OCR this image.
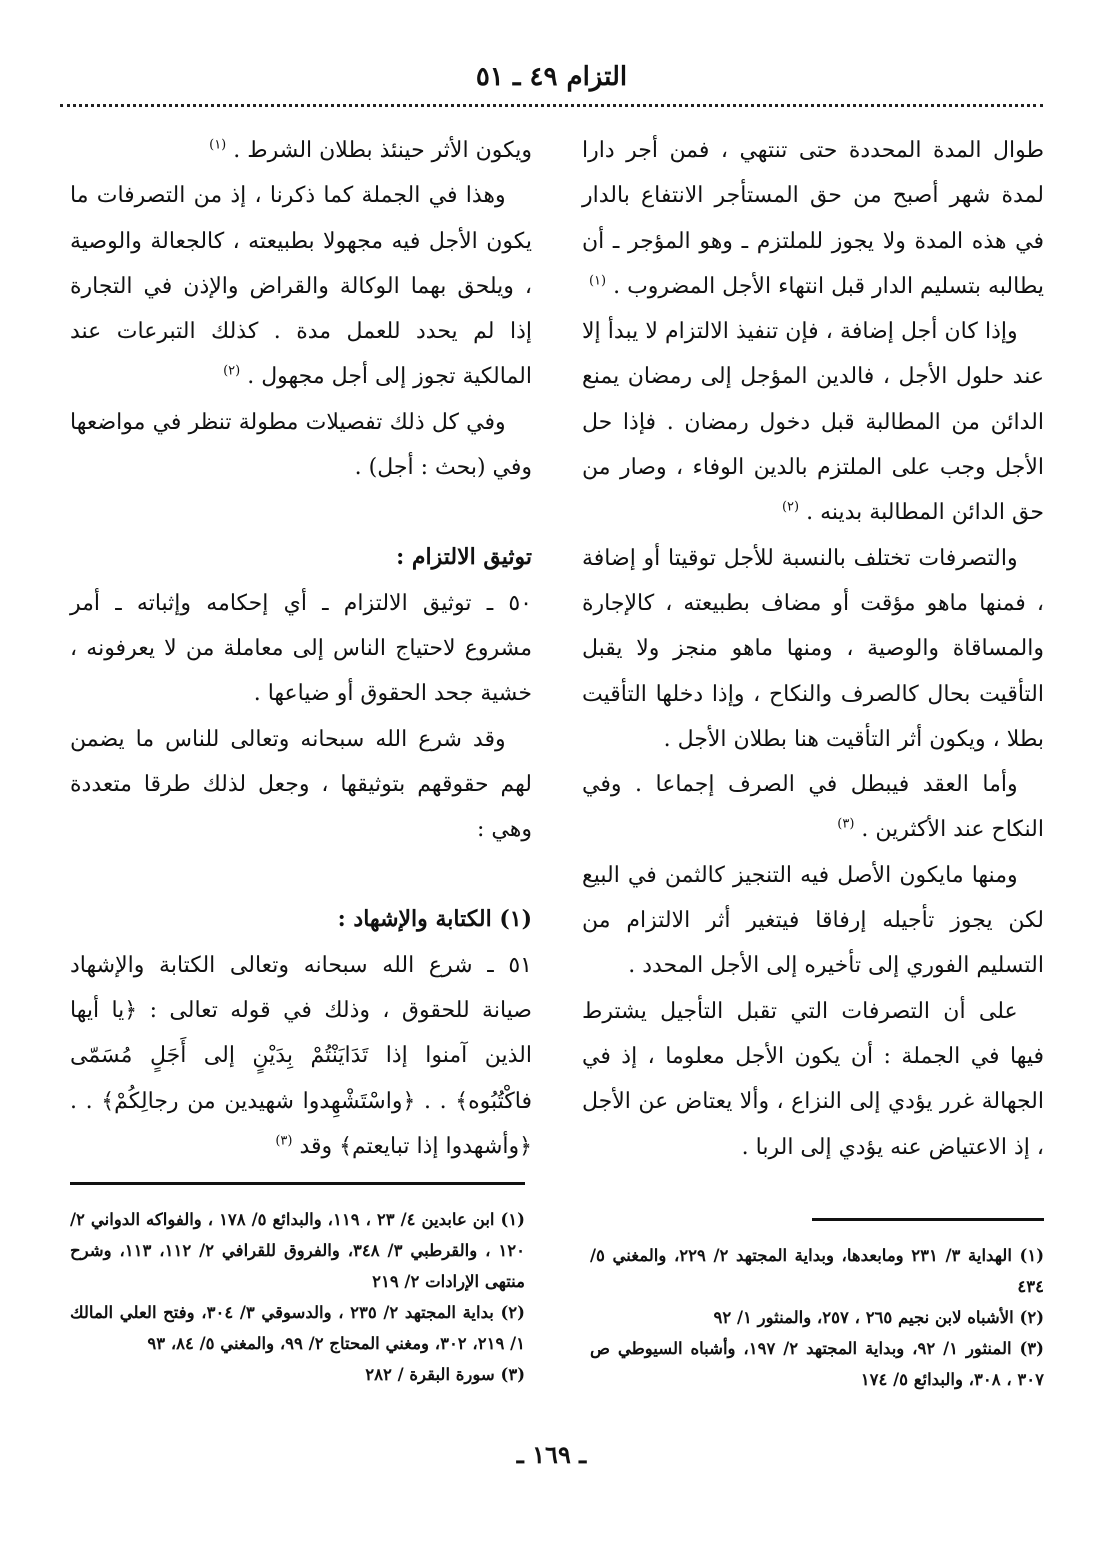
التزام ٤٩ ـ ٥١

طوال المدة المحددة حتى تنتهي ، فمن أجر دارا لمدة شهر أصبح من حق المستأجر الانتفاع بالدار في هذه المدة ولا يجوز للملتزم ـ وهو المؤجر ـ أن يطالبه بتسليم الدار قبل انتهاء الأجل المضروب . $^{(١)}$

وإذا كان أجل إضافة ، فإن تنفيذ الالتزام لا يبدأ إلا عند حلول الأجل ، فالدين المؤجل إلى رمضان يمنع الدائن من المطالبة قبل دخول رمضان . فإذا حل الأجل وجب على الملتزم بالدين الوفاء ، وصار من حق الدائن المطالبة بدينه . $^{(٢)}$

والتصرفات تختلف بالنسبة للأجل توقيتا أو إضافة ، فمنها ماهو مؤقت أو مضاف بطبيعته ، كالإجارة والمساقاة والوصية ، ومنها ماهو منجز ولا يقبل التأقيت بحال كالصرف والنكاح ، وإذا دخلها التأقيت بطلا ، ويكون أثر التأقيت هنا بطلان الأجل .

وأما العقد فيبطل في الصرف إجماعا . وفي النكاح عند الأكثرين . $^{(٣)}$

ومنها مايكون الأصل فيه التنجيز كالثمن في البيع لكن يجوز تأجيله إرفاقا فيتغير أثر الالتزام من التسليم الفوري إلى تأخيره إلى الأجل المحدد .

على أن التصرفات التي تقبل التأجيل يشترط فيها في الجملة : أن يكون الأجل معلوما ، إذ في الجهالة غرر يؤدي إلى النزاع ، وألا يعتاض عن الأجل ، إذ الاعتياض عنه يؤدي إلى الربا .

ويكون الأثر حينئذ بطلان الشرط . $^{(١)}$

وهذا في الجملة كما ذكرنا ، إذ من التصرفات ما يكون الأجل فيه مجهولا بطبيعته ، كالجعالة والوصية ، ويلحق بهما الوكالة والقراض والإذن في التجارة إذا لم يحدد للعمل مدة . كذلك التبرعات عند المالكية تجوز إلى أجل مجهول . $^{(٢)}$

وفي كل ذلك تفصيلات مطولة تنظر في مواضعها وفي (بحث : أجل) .

توثيق الالتزام :

٥٠ ـ توثيق الالتزام ـ أي إحكامه وإثباته ـ أمر مشروع لاحتياج الناس إلى معاملة من لا يعرفونه ، خشية جحد الحقوق أو ضياعها .

وقد شرع الله سبحانه وتعالى للناس ما يضمن لهم حقوقهم بتوثيقها ، وجعل لذلك طرقا متعددة وهي :

(١) الكتابة والإشهاد :

٥١ ـ شرع الله سبحانه وتعالى الكتابة والإشهاد صيانة للحقوق ، وذلك في قوله تعالى : ﴿يا أيها الذين آمنوا إذا تَدَايَنْتُمْ بِدَيْنٍ إلى أَجَلٍ مُسَمّى فاكْتُبُوه﴾ . . ﴿واسْتَشْهِدوا شهيدين من رجالِكُمْ﴾ . . ﴿وأشهدوا إذا تبايعتم﴾ وقد $^{(٣)}$

(١) الهداية ٣/ ٢٣١ ومابعدها، وبداية المجتهد ٢/ ٢٢٩، والمغني ٥/ ٤٣٤

(٢) الأشباه لابن نجيم ٢٦٥ ، ٢٥٧، والمنثور ١/ ٩٢

(٣) المنثور ١/ ٩٢، وبداية المجتهد ٢/ ١٩٧، وأشباه السيوطي ص ٣٠٧ ، ٣٠٨، والبدائع ٥/ ١٧٤

(١) ابن عابدين ٤/ ٢٣ ، ١١٩، والبدائع ٥/ ١٧٨ ، والفواكه الدواني ٢/ ١٢٠ ، والقرطبي ٣/ ٣٤٨، والفروق للقرافي ٢/ ١١٢، ١١٣، وشرح منتهى الإرادات ٢/ ٢١٩

(٢) بداية المجتهد ٢/ ٢٣٥ ، والدسوقي ٣/ ٣٠٤، وفتح العلي المالك ١/ ٢١٩، ٣٠٢، ومغني المحتاج ٢/ ٩٩، والمغني ٥/ ٨٤، ٩٣

(٣) سورة البقرة / ٢٨٢

ـ ١٦٩ ـ
